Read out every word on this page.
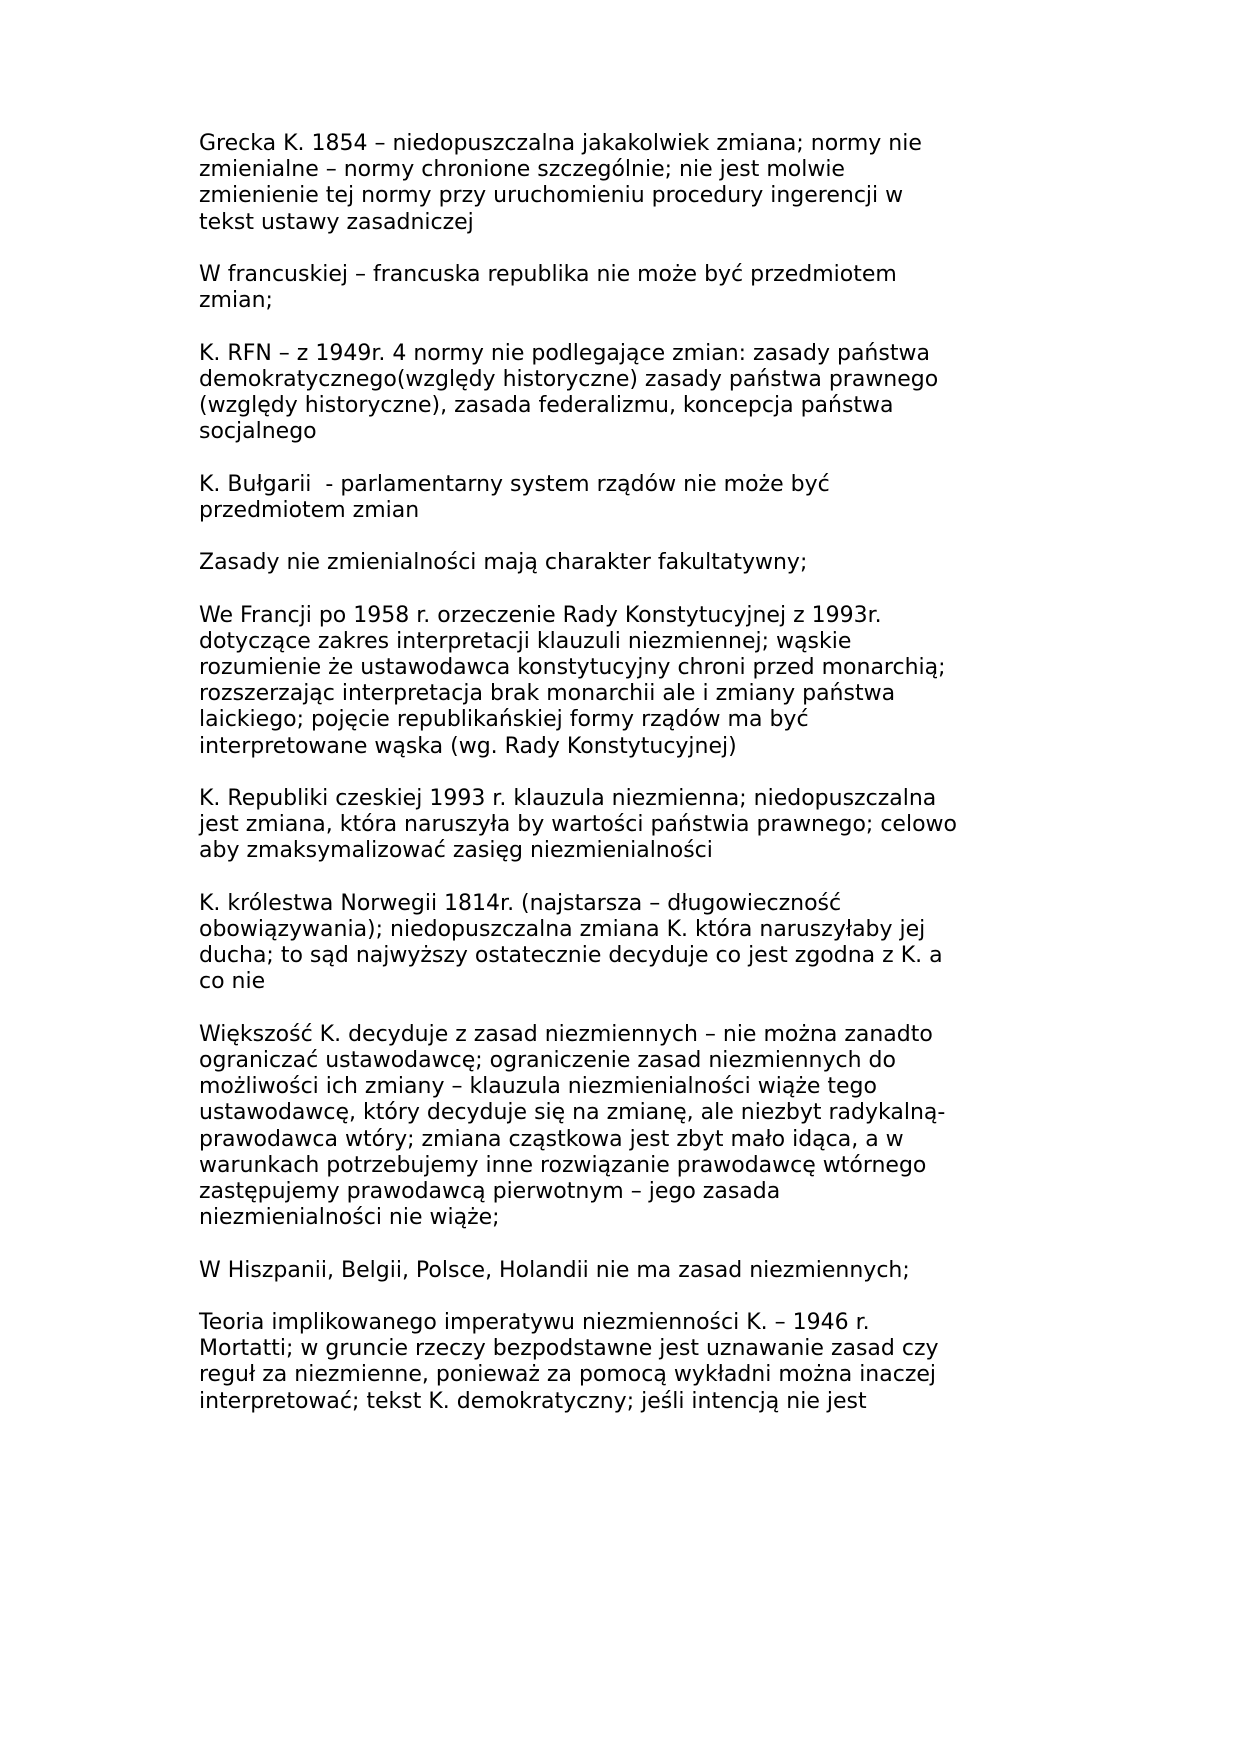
Grecka K. 1854 – niedopuszczalna jakakolwiek zmiana; normy nie
zmienialne – normy chronione szczególnie; nie jest molwie
zmienienie tej normy przy uruchomieniu procedury ingerencji w
tekst ustawy zasadniczej

W francuskiej – francuska republika nie może być przedmiotem
zmian;

K. RFN – z 1949r. 4 normy nie podlegające zmian: zasady państwa
demokratycznego(względy historyczne) zasady państwa prawnego
(względy historyczne), zasada federalizmu, koncepcja państwa
socjalnego

K. Bułgarii  - parlamentarny system rządów nie może być
przedmiotem zmian

Zasady nie zmienialności mają charakter fakultatywny;

We Francji po 1958 r. orzeczenie Rady Konstytucyjnej z 1993r.
dotyczące zakres interpretacji klauzuli niezmiennej; wąskie
rozumienie że ustawodawca konstytucyjny chroni przed monarchią;
rozszerzając interpretacja brak monarchii ale i zmiany państwa
laickiego; pojęcie republikańskiej formy rządów ma być
interpretowane wąska (wg. Rady Konstytucyjnej)

K. Republiki czeskiej 1993 r. klauzula niezmienna; niedopuszczalna
jest zmiana, która naruszyła by wartości państwia prawnego; celowo
aby zmaksymalizować zasięg niezmienialności

K. królestwa Norwegii 1814r. (najstarsza – długowieczność
obowiązywania); niedopuszczalna zmiana K. która naruszyłaby jej
ducha; to sąd najwyższy ostatecznie decyduje co jest zgodna z K. a
co nie

Większość K. decyduje z zasad niezmiennych – nie można zanadto
ograniczać ustawodawcę; ograniczenie zasad niezmiennych do
możliwości ich zmiany – klauzula niezmienialności wiąże tego
ustawodawcę, który decyduje się na zmianę, ale niezbyt radykalną-
prawodawca wtóry; zmiana cząstkowa jest zbyt mało idąca, a w
warunkach potrzebujemy inne rozwiązanie prawodawcę wtórnego
zastępujemy prawodawcą pierwotnym – jego zasada
niezmienialności nie wiąże;

W Hiszpanii, Belgii, Polsce, Holandii nie ma zasad niezmiennych;

Teoria implikowanego imperatywu niezmienności K. – 1946 r.
Mortatti; w gruncie rzeczy bezpodstawne jest uznawanie zasad czy
reguł za niezmienne, ponieważ za pomocą wykładni można inaczej
interpretować; tekst K. demokratyczny; jeśli intencją nie jest
